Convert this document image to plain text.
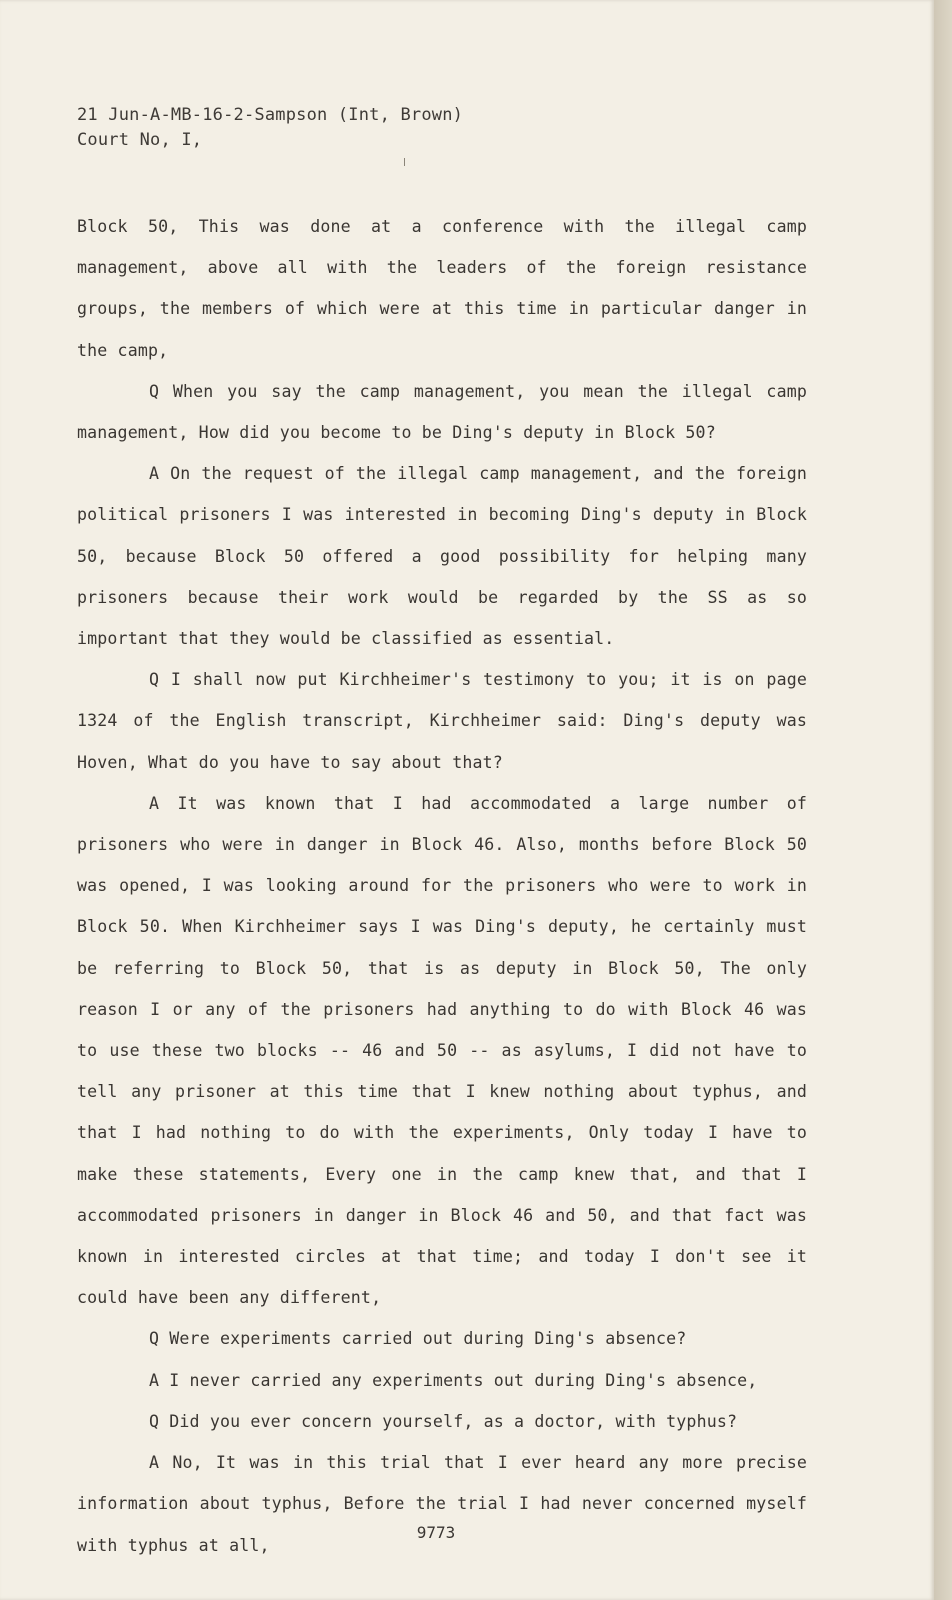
21 Jun-A-MB-16-2-Sampson (Int, Brown)
Court No, I,

Block 50, This was done at a conference with the illegal camp management, above all with the leaders of the foreign resistance groups, the members of which were at this time in particular danger in the camp,

Q When you say the camp management, you mean the illegal camp management, How did you become to be Ding's deputy in Block 50?

A On the request of the illegal camp management, and the foreign political prisoners I was interested in becoming Ding's deputy in Block 50, because Block 50 offered a good possibility for helping many prisoners because their work would be regarded by the SS as so important that they would be classified as essential.

Q I shall now put Kirchheimer's testimony to you; it is on page 1324 of the English transcript, Kirchheimer said: Ding's deputy was Hoven, What do you have to say about that?

A It was known that I had accommodated a large number of prisoners who were in danger in Block 46. Also, months before Block 50 was opened, I was looking around for the prisoners who were to work in Block 50. When Kirchheimer says I was Ding's deputy, he certainly must be referring to Block 50, that is as deputy in Block 50, The only reason I or any of the prisoners had anything to do with Block 46 was to use these two blocks -- 46 and 50 -- as asylums, I did not have to tell any prisoner at this time that I knew nothing about typhus, and that I had nothing to do with the experiments, Only today I have to make these statements, Every one in the camp knew that, and that I accommodated prisoners in danger in Block 46 and 50, and that fact was known in interested circles at that time; and today I don't see it could have been any different,

Q Were experiments carried out during Ding's absence?

A I never carried any experiments out during Ding's absence,

Q Did you ever concern yourself, as a doctor, with typhus?

A No, It was in this trial that I ever heard any more precise information about typhus, Before the trial I had never concerned myself with typhus at all,

9773
